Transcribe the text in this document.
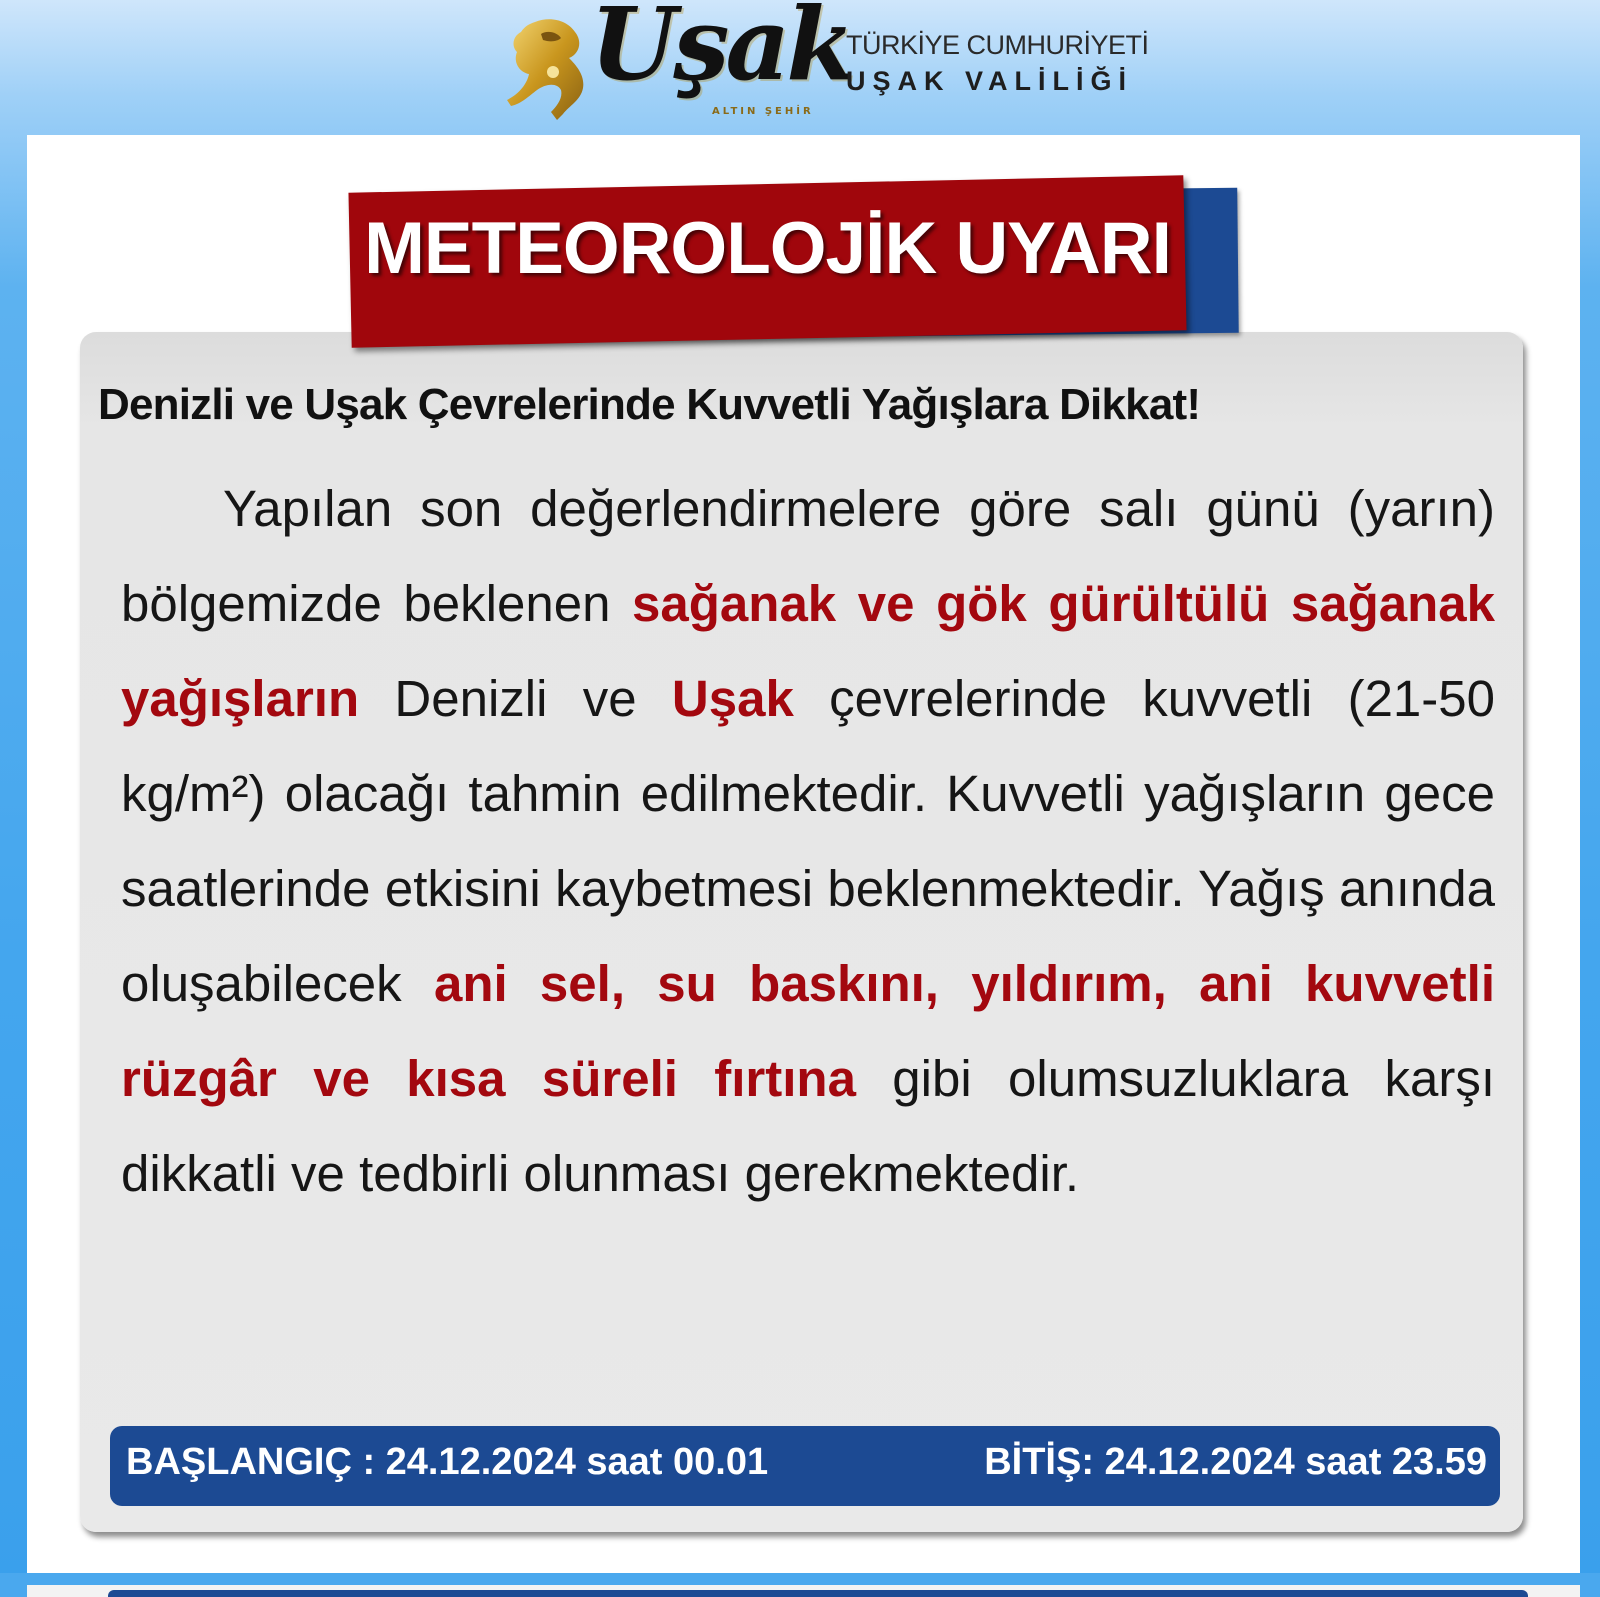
Uşak
ALTIN ŞEHİR
TÜRKİYE CUMHURİYETİ
UŞAK VALİLİĞİ
METEOROLOJİK UYARI
Denizli ve Uşak Çevrelerinde Kuvvetli Yağışlara Dikkat!
Yapılan son değerlendirmelere göre salı günü (yarın) bölgemizde beklenen sağanak ve gök gürültülü sağanak yağışların Denizli ve Uşak çevrelerinde kuvvetli (21-50 kg/m²) olacağı tahmin edilmektedir. Kuvvetli yağışların gece saatlerinde etkisini kaybetmesi beklenmektedir. Yağış anında oluşabilecek ani sel, su baskını, yıldırım, ani kuvvetli rüzgâr ve kısa süreli fırtına gibi olumsuzluklara karşı dikkatli ve tedbirli olunması gerekmektedir.
BAŞLANGIÇ : 24.12.2024 saat 00.01	BİTİŞ: 24.12.2024 saat 23.59
